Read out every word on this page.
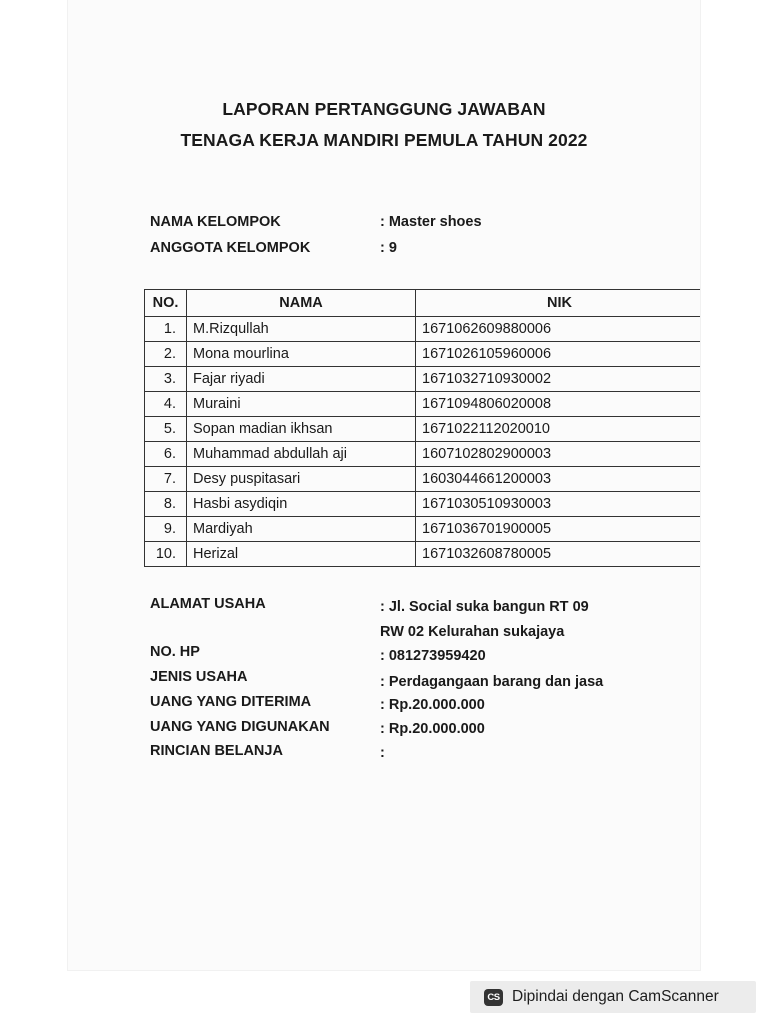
LAPORAN PERTANGGUNG JAWABAN
TENAGA KERJA MANDIRI PEMULA TAHUN 2022
NAMA KELOMPOK	: Master shoes
ANGGOTA KELOMPOK	: 9
NO.	NAMA	NIK
1.	M.Rizqullah	1671062609880006
2.	Mona mourlina	1671026105960006
3.	Fajar riyadi	1671032710930002
4.	Muraini	1671094806020008
5.	Sopan madian ikhsan	1671022112020010
6.	Muhammad abdullah aji	1607102802900003
7.	Desy puspitasari	1603044661200003
8.	Hasbi asydiqin	1671030510930003
9.	Mardiyah	1671036701900005
10.	Herizal	1671032608780005
ALAMAT USAHA	: Jl. Social suka bangun RT 09
RW 02 Kelurahan sukajaya
NO. HP	: 081273959420
JENIS USAHA	: Perdagangaan barang dan jasa
UANG YANG DITERIMA	: Rp.20.000.000
UANG YANG DIGUNAKAN	: Rp.20.000.000
RINCIAN BELANJA	:
CS Dipindai dengan CamScanner
